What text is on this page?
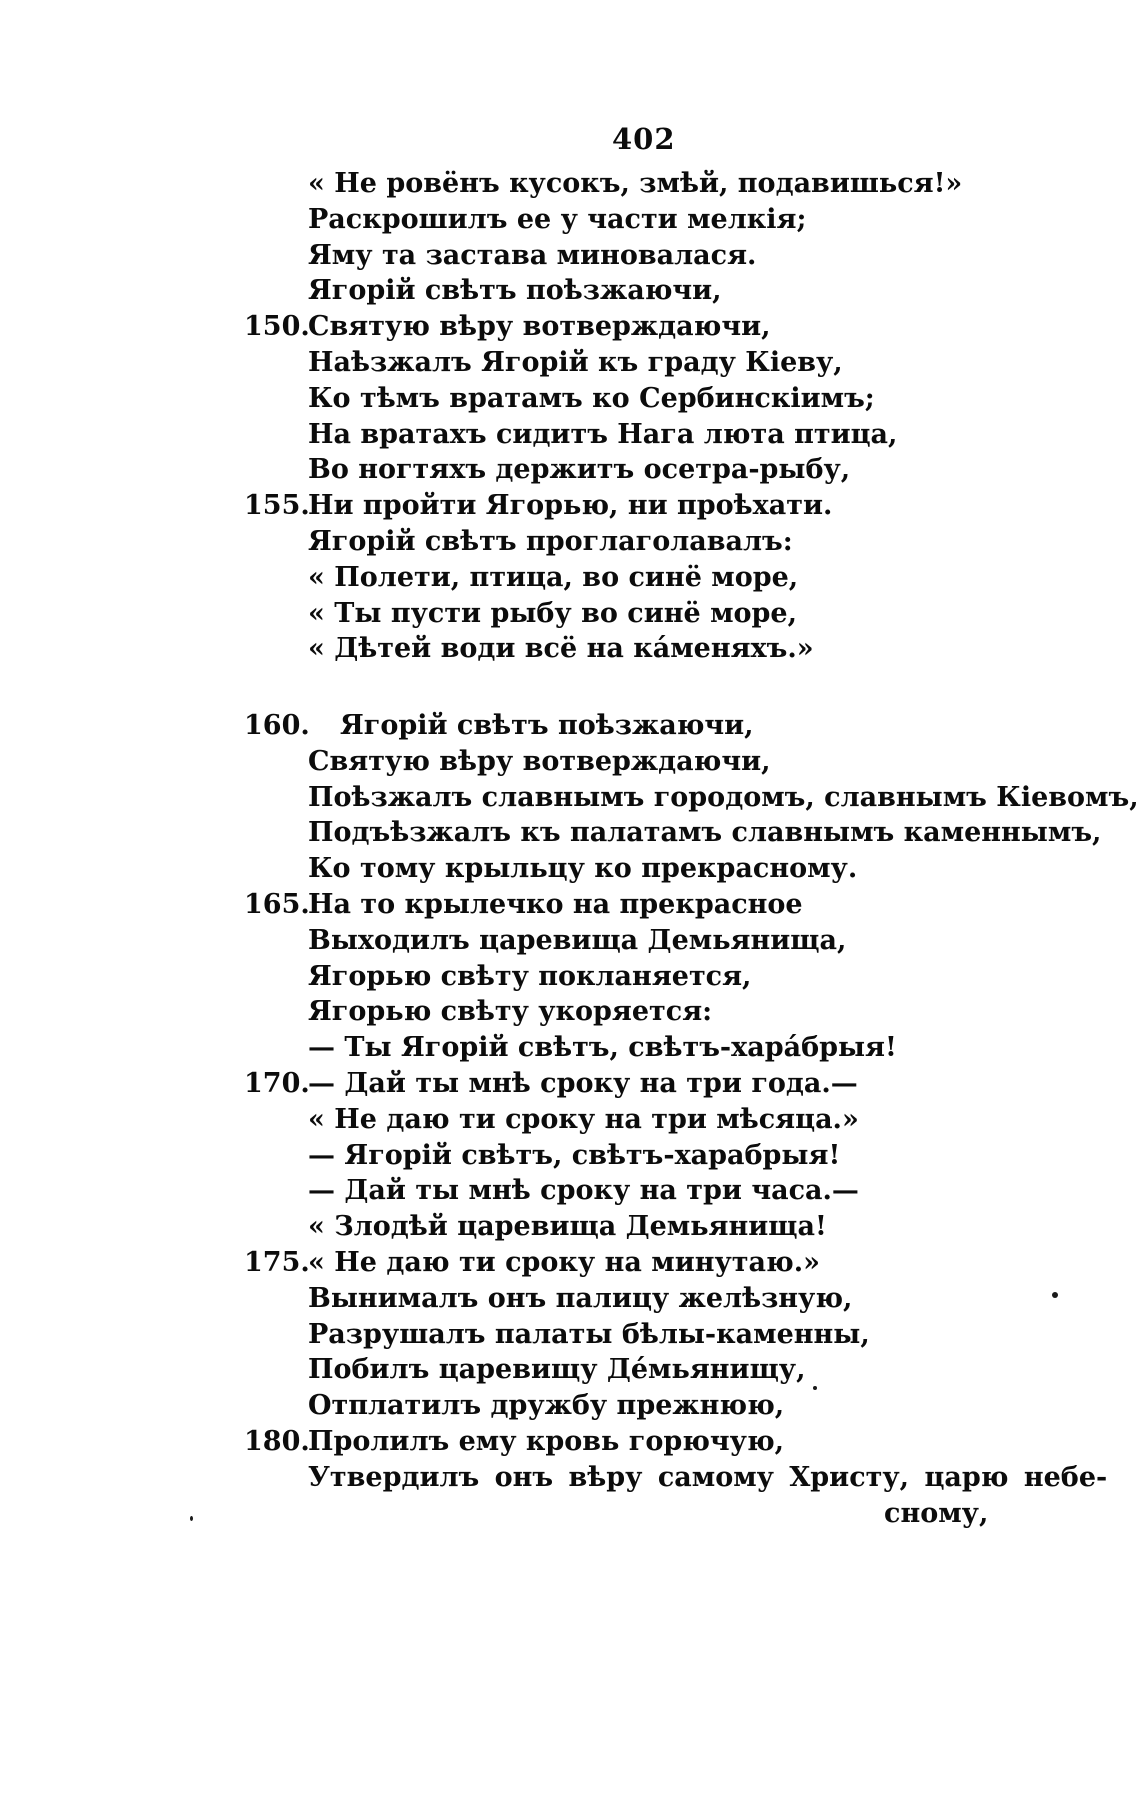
402
« Не ровёнъ кусокъ, змѣй, подавишься!»
Раскрошилъ ее у части мелкія;
Яму та застава миновалася.
Ягорій свѣтъ поѣзжаючи,
150.
Святую вѣру вотверждаючи,
Наѣзжалъ Ягорій къ граду Кіеву,
Ко тѣмъ вратамъ ко Сербинскіимъ;
На вратахъ сидитъ Нага люта птица,
Во ногтяхъ держитъ осетра-рыбу,
155.
Ни пройти Ягорью, ни проѣхати.
Ягорій свѣтъ проглаголавалъ:
« Полети, птица, во синё море,
« Ты пусти рыбу во синё море,
« Дѣтей води всё на ка́меняхъ.»
160. Ягорій свѣтъ поѣзжаючи,
Святую вѣру вотверждаючи,
Поѣзжалъ славнымъ городомъ, славнымъ Кіевомъ,
Подъѣзжалъ къ палатамъ славнымъ каменнымъ,
Ко тому крыльцу ко прекрасному.
165.
На то крылечко на прекрасное
Выходилъ царевища Демьянища,
Ягорью свѣту покланяется,
Ягорью свѣту укоряется:
— Ты Ягорій свѣтъ, свѣтъ-хара́брыя!
170.
— Дай ты мнѣ сроку на три года.—
« Не даю ти сроку на три мѣсяца.»
— Ягорій свѣтъ, свѣтъ-харабрыя!
— Дай ты мнѣ сроку на три часа.—
« Злодѣй царевища Демьянища!
175.
« Не даю ти сроку на минутаю.»
Вынималъ онъ палицу желѣзную,
Разрушалъ палаты бѣлы-каменны,
Побилъ царевищу Де́мьянищу,
Отплатилъ дружбу прежнюю,
180.
Пролилъ ему кровь горючую,
Утвердилъ онъ вѣру самому Христу, царю небе-
сному,
